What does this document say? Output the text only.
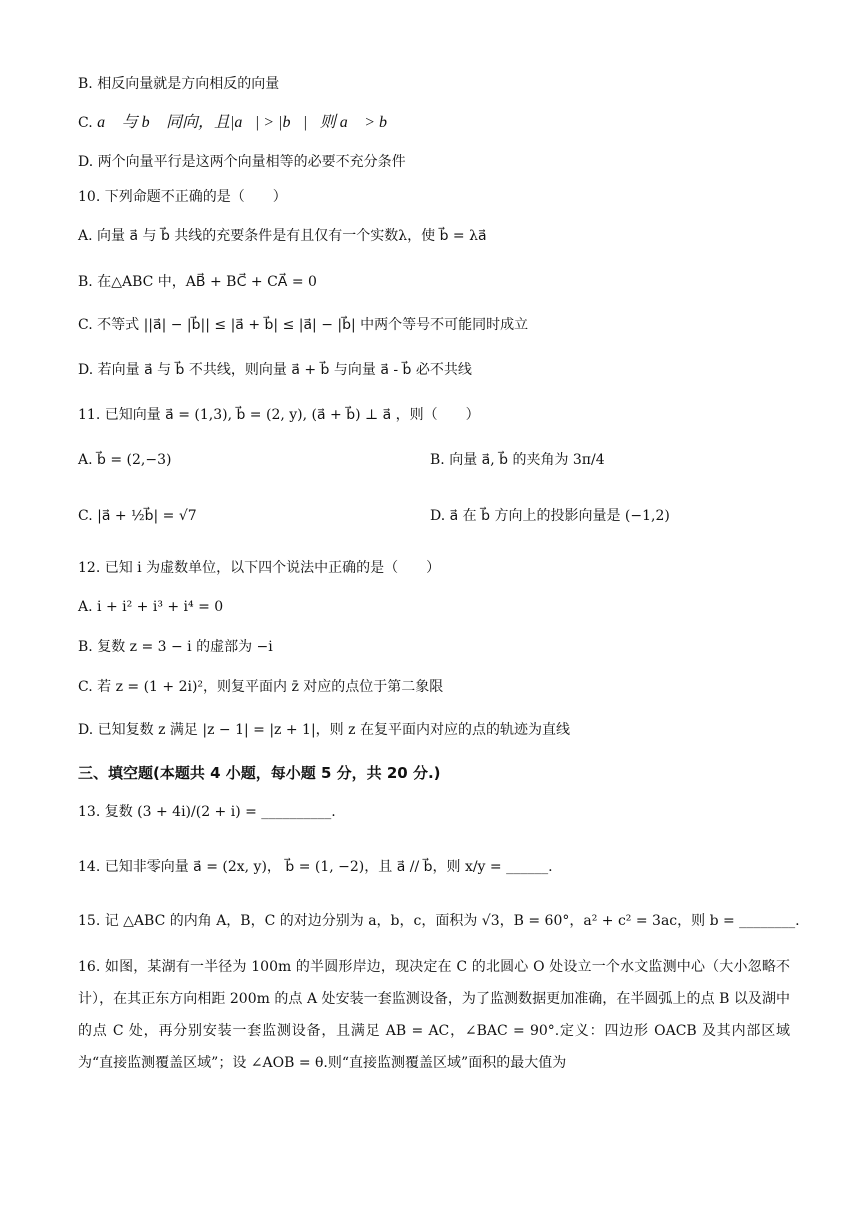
B. 相反向量就是方向相反的向量
C. a⃗ 与 b⃗ 同向，且|a⃗| > |b⃗|，则 a⃗ > b⃗
D. 两个向量平行是这两个向量相等的必要不充分条件
10. 下列命题不正确的是（　　）
A. 向量 a⃗ 与 b⃗ 共线的充要条件是有且仅有一个实数λ，使 b⃗ = λa⃗
B. 在△ABC 中，AB⃗ + BC⃗ + CA⃗ = 0
C. 不等式 ||a⃗| − |b⃗|| ≤ |a⃗ + b⃗| ≤ |a⃗| − |b⃗| 中两个等号不可能同时成立
D. 若向量 a⃗ 与 b⃗ 不共线，则向量 a⃗ + b⃗ 与向量 a⃗ - b⃗ 必不共线
11. 已知向量 a⃗ = (1,3), b⃗ = (2, y), (a⃗ + b⃗) ⊥ a⃗ ，则（　　）
A. b⃗ = (2,−3)	B. 向量 a⃗, b⃗ 的夹角为 3π/4
C. |a⃗ + ½b⃗| = √7	D. a⃗ 在 b⃗ 方向上的投影向量是 (−1,2)
12. 已知 i 为虚数单位，以下四个说法中正确的是（　　）
A. i + i² + i³ + i⁴ = 0
B. 复数 z = 3 − i 的虚部为 −i
C. 若 z = (1 + 2i)²，则复平面内 z̄ 对应的点位于第二象限
D. 已知复数 z 满足 |z − 1| = |z + 1|，则 z 在复平面内对应的点的轨迹为直线
三、填空题(本题共 4 小题，每小题 5 分，共 20 分.)
13. 复数 (3 + 4i)/(2 + i) = __________.
14. 已知非零向量 a⃗ = (2x, y)， b⃗ = (1, −2)，且 a⃗ // b⃗，则 x/y = ______.
15. 记 △ABC 的内角 A，B，C 的对边分别为 a，b，c，面积为 √3，B = 60°，a² + c² = 3ac，则 b = ________.
16. 如图，某湖有一半径为 100m 的半圆形岸边，现决定在 C 的北圆心 O 处设立一个水文监测中心（大小忽略不计），在其正东方向相距 200m 的点 A 处安装一套监测设备，为了监测数据更加准确，在半圆弧上的点 B 以及湖中的点 C 处，再分别安装一套监测设备，且满足 AB = AC，∠BAC = 90°.定义：四边形 OACB 及其内部区域为“直接监测覆盖区域”；设 ∠AOB = θ.则“直接监测覆盖区域”面积的最大值为
